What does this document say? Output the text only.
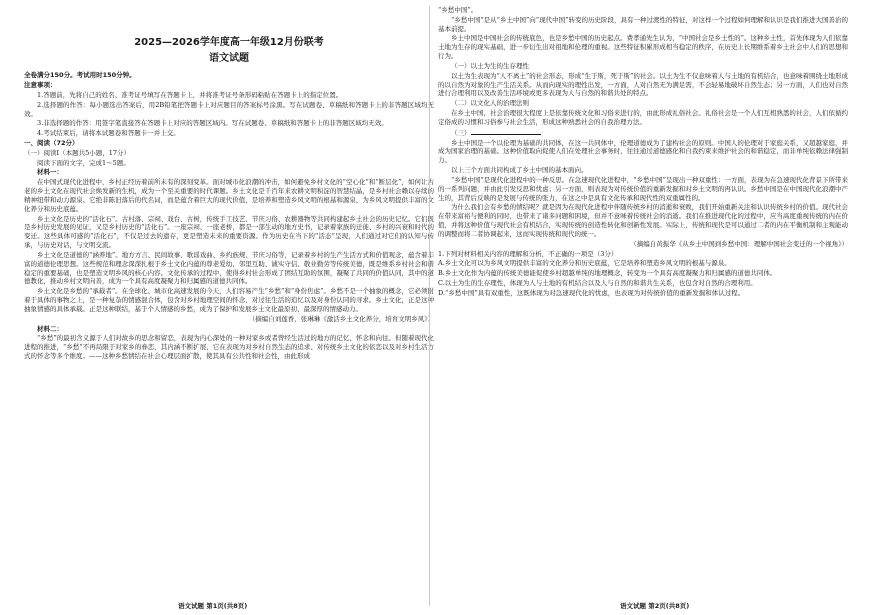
2025—2026学年度高一年级12月份联考
语文试题

全卷满分150分。考试用时150分钟。

注意事项：

1.答题前，先将自己的姓名、准考证号填写在答题卡上，并将准考证号条形码粘贴在答题卡上的指定位置。

2.选择题的作答：每小题选出答案后，用2B铅笔把答题卡上对应题目的答案标号涂黑。写在试题卷、草稿纸和答题卡上的非答题区域均无效。

3.非选择题的作答：用签字笔直接答在答题卡上对应的答题区域内。写在试题卷、草稿纸和答题卡上的非答题区域均无效。

4.考试结束后，请将本试题卷和答题卡一并上交。

一、阅读（72分）

（一）阅读Ⅰ（本题共5小题，17分）

阅读下面的文字，完成1～5题。

材料一：

在中国式现代化进程中，乡村正经历着前所未有的深刻变革。面对城市化浪潮的冲击，如何避免乡村文化的“空心化”和“断层化”，如何让古老的乡土文化在现代社会焕发新的生机，成为一个至关重要的时代课题。乡土文化是千百年来农耕文明积淀的智慧结晶，是乡村社会赖以存续的精神纽带和动力源泉。它绝非陈旧落后的代名词，而是蕴含着巨大的现代价值，是培养和塑造乡风文明的根基和源泉，为乡风文明提供丰富的文化养分和历史底蕴。

乡土文化是历史的“活化石”。古村落、宗祠、戏台、古树，传统手工技艺、节庆习俗、农耕器物等共同构建起乡土社会的历史记忆。它们既是乡村历史发展的见证，又是乡村历史的“活化石”。一座宗祠、一座老桥，都是一部生动的地方史书，记录着家族的迁徙、乡村的兴衰和时代的变迁。这些具体可感的“活化石”，不仅是过去的遗存，更是塑造未来的重要资源。作为历史在当下的“活态”呈现，人们通过对它们的认知与传承，与历史对话，与文明交流。

乡土文化是道德的“涵养地”。地方方言、民间故事、歌谣戏曲、乡约族规、节庆习俗等，记录着乡村的生产生活方式和价值观念，蕴含着丰富的道德伦理思想。这些规范和理念深深扎根于乡土文化内蕴的尊老爱幼、邻里互助、诚实守信、敬业勤劳等传统美德，既是维系乡村社会和谐稳定的重要基础，也是塑造文明乡风的核心内容。文化传承的过程中，使得乡村社会形成了团结互助的氛围，凝聚了共同的价值认同，其中的道德教化，推动乡村文明向善，成为一个具有高度凝聚力和归属感的道德共同体。

乡土文化是乡愁的“承载者”。在全球化、城市化高速发展的今天，人们容易产生“乡愁”和“身份焦虑”。乡愁不是一个抽象的概念，它必须附着于具体的事物之上，是一种复杂的情感混合体，包含对乡村地理空间的怀念、对过往生活的追忆以及对身份认同的寻求。乡土文化，正是这种抽象情感的具体承载。正是这种联结，基于个人情感的乡愁，成为了保护和发展乡土文化最原初、最深厚的情感动力。

（摘编自刘莲香、张琳琳《激活乡土文化养分，培育文明乡风》）

材料二：

“乡愁”的最初含义源于人们对故乡的思念和留恋，表现为内心深处的一种对家乡或者曾经生活过的地方的记忆、怀念和向往。但随着现代化进程的推进，“乡愁”不再局限于对家乡的眷恋，其内涵不断扩展，它在表现为对乡村自然生态的追求、对传统乡土文化的依恋以及对乡村生活方式的怀念等多个维度。——这种乡愁情结在社会心理层面扩散，使其具有公共性和社会性，由此形成

“乡愁中国”。

“乡愁中国”是从“乡土中国”向“现代中国”转变的历史阶段，具有一种过渡性的特征，对这样一个过程如何理解和认识是我们推进大国善治的基本前提。

乡土中国是中国社会的传统底色，也是乡愁中国的历史起点。费孝通先生认为，“中国社会是乡土性的”。这种乡土性，首先体现为人们依靠土地为生存的现实基础，进一步衍生出对祖地和伦理的重视。这些特征积累形成相当稳定的秩序，在历史上长期维系着乡土社会中人们的思想和行为。

（一）以土为生的生存理性

以土为生表现为“人不离土”的社会形态，形成“生于斯，死于斯”的社会。以土为生不仅意味着人与土地的有机结合，也意味着围绕土地形成的以自然为对象的生产生活关系。从而向现实的理性出发，一方面，人对自然无为满足需，不会轻易地破坏自然生态；另一方面，人们也对自然进行合理利用以及改善生活环境或更多表现为人与自然的和谐共处的特点。

（二）以文化人的治理法则

在乡土中国，社会治理很大程度上是依靠传统文化和习俗来进行的，由此形成礼俗社会。礼俗社会是一个人们互相熟悉的社会，人们依循约定俗成的习惯和习俗参与社会生活，形成这种熟悉社会的自我治理方法。

（三）

乡土中国是一个以伦理为基础的共同体，在这一共同体中，伦理道德成为了建构社会的原则。中国人的伦理对于家庭关系，又超越家庭，并成为国家治理的基础。这种价值取向促使人们在处理社会事务时，往往通过道德感化和自我约束来维护社会的和谐稳定，而非单纯依赖法律强制力。

以上三个方面共同构成了乡土中国的基本面向。

“乡愁中国”是现代化进程中的一种反思。在急速现代化进程中，“乡愁中国”呈现出一种双重性：一方面，表现为在急速现代化背景下所带来的一系列问题，并由此引发反思和忧虑；另一方面，则表现为对传统价值的重新发掘和对乡土文明的再认识。乡愁中国是在中国现代化浪潮中产生的，其背后反映的是发展与传统的张力，在这之中是具有文化传承和现代性的双重属性的。

为什么我们会有乡愁的情结呢？就是因为在现代化进程中伴随传统乡村的消逝和衰败，我们开始重新关注和认识传统乡村的价值。现代社会在带来富裕与便利的同时，也带来了诸多问题和困境，但并不意味着传统社会的消逝。我们在推进现代化的过程中，应当高度重视传统的内在价值，并将这种价值与现代社会有机结合，实现传统的创造性转化和创新性发展。实际上，传统和现代是可以通过二者的内在平衡机制和主观能动的调整而将二者协调起来，这而实现传统和现代的统一。

（摘编自黄振华《从乡土中国到乡愁中国：理解中国社会变迁的一个视角》）

1.下列对材料相关内容的理解和分析，不正确的一项是（3分）

A.乡土文化可以为乡风文明提供丰富的文化养分和历史底蕴，它是培养和塑造乡风文明的根基与源泉。

B.乡土文化作为内蕴的传统美德能促使乡村超越单纯的地理概念，转变为一个具有高度凝聚力和归属感的道德共同体。

C.以土为生的生存理性，体现为人与土地的有机结合以及人与自然的和谐共生关系，也包含对自然的合理利用。

D.“乡愁中国”具有双重性，这既体现为对急速现代化的忧虑，也表现为对传统价值的重新发掘和体认过程。

语文试题 第1页(共8页)	语文试题 第2页(共8页)
